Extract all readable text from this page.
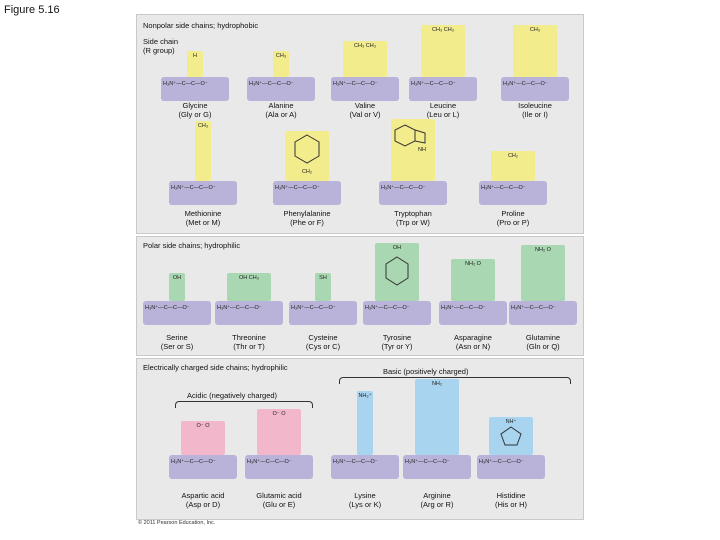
Figure 5.16
Nonpolar side chains; hydrophobic
Side chain
(R group)
H
H₃N⁺—C—C—O⁻
Glycine
(Gly or G)
CH₃
H₃N⁺—C—C—O⁻
Alanine
(Ala or A)
CH₃ CH₃
H₃N⁺—C—C—O⁻
Valine
(Val or V)
CH₃ CH₃
H₃N⁺—C—C—O⁻
Leucine
(Leu or L)
CH₃
H₃N⁺—C—C—O⁻
Isoleucine
(Ile or I)
CH₃
H₃N⁺—C—C—O⁻
Methionine
(Met or M)
CH₂
H₃N⁺—C—C—O⁻
Phenylalanine
(Phe or F)
NH
H₃N⁺—C—C—O⁻
Tryptophan
(Trp or W)
CH₂
H₃N⁺—C—C—O⁻
Proline
(Pro or P)
Polar side chains; hydrophilic
OH
H₃N⁺—C—C—O⁻
Serine
(Ser or S)
OH CH₃
H₃N⁺—C—C—O⁻
Threonine
(Thr or T)
SH
H₃N⁺—C—C—O⁻
Cysteine
(Cys or C)
OH
H₃N⁺—C—C—O⁻
Tyrosine
(Tyr or Y)
NH₂ O
H₃N⁺—C—C—O⁻
Asparagine
(Asn or N)
NH₂ O
H₃N⁺—C—C—O⁻
Glutamine
(Gln or Q)
Electrically charged side chains; hydrophilic	Basic (positively charged)
Acidic (negatively charged)
O⁻ O
H₃N⁺—C—C—O⁻
Aspartic acid
(Asp or D)
O⁻ O
H₃N⁺—C—C—O⁻
Glutamic acid
(Glu or E)
NH₃⁺
H₃N⁺—C—C—O⁻
Lysine
(Lys or K)
NH₂
H₃N⁺—C—C—O⁻
Arginine
(Arg or R)
NH⁺
H₃N⁺—C—C—O⁻
Histidine
(His or H)
© 2011 Pearson Education, Inc.
